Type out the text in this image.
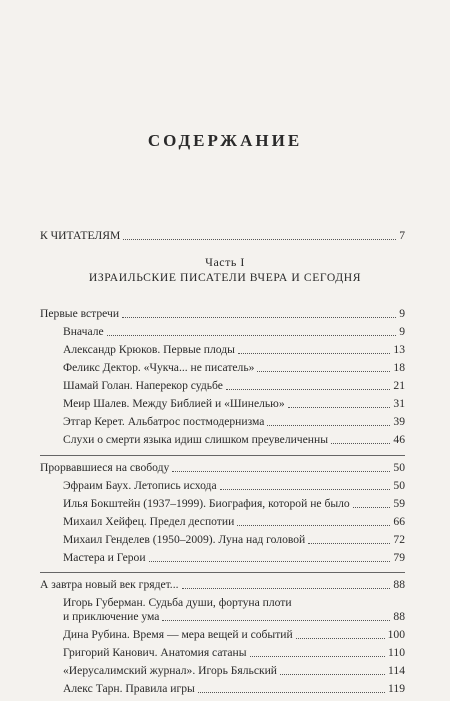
СОДЕРЖАНИЕ
К ЧИТАТЕЛЯМ	7
Часть I
ИЗРАИЛЬСКИЕ ПИСАТЕЛИ ВЧЕРА И СЕГОДНЯ
Первые встречи	9
Вначале	9
Александр Крюков. Первые плоды	13
Феликс Дектор. «Чукча... не писатель»	18
Шамай Голан. Наперекор судьбе	21
Меир Шалев. Между Библией и «Шинелью»	31
Этгар Керет. Альбатрос постмодернизма	39
Слухи о смерти языка идиш слишком преувеличенны	46
Прорвавшиеся на свободу	50
Эфраим Баух. Летопись исхода	50
Илья Бокштейн (1937–1999). Биография, которой не было	59
Михаил Хейфец. Предел деспотии	66
Михаил Генделев (1950–2009). Луна над головой	72
Мастера и Герои	79
А завтра новый век грядет...	88
Игорь Губерман. Судьба души, фортуна плоти
и приключение ума	88
Дина Рубина. Время — мера вещей и событий	100
Григорий Канович. Анатомия сатаны	110
«Иерусалимский журнал». Игорь Бяльский	114
Алекс Тарн. Правила игры	119
